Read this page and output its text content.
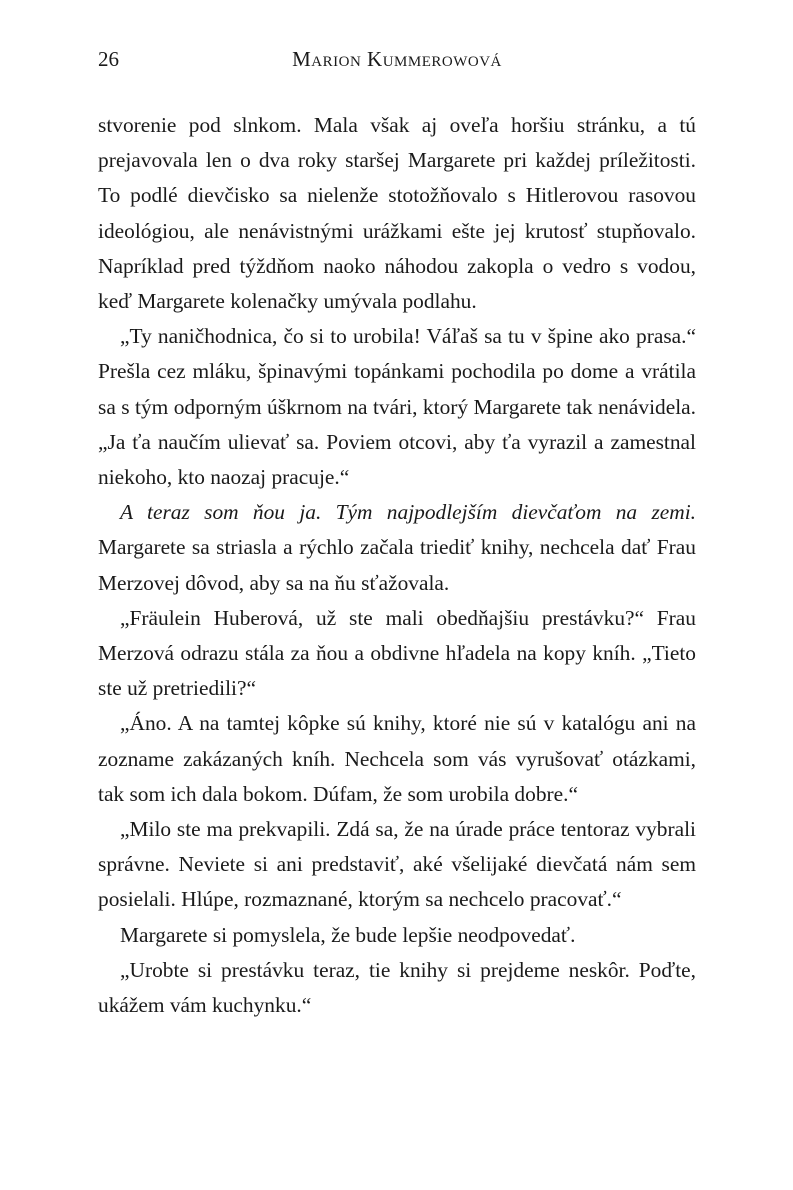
26	Marion Kummerowová

stvorenie pod slnkom. Mala však aj oveľa horšiu stránku, a tú prejavovala len o dva roky staršej Margarete pri každej príležitosti. To podlé dievčisko sa nielenže stotožňovalo s Hitlerovou rasovou ideológiou, ale nenávistnými urážkami ešte jej krutosť stupňovalo. Napríklad pred týždňom naoko náhodou zakopla o vedro s vodou, keď Margarete kolenačky umývala podlahu.

„Ty naničhodnica, čo si to urobila! Váľaš sa tu v špine ako prasa.“ Prešla cez mláku, špinavými topánkami pochodila po dome a vrátila sa s tým odporným úškrnom na tvári, ktorý Margarete tak nenávidela. „Ja ťa naučím ulievať sa. Poviem otcovi, aby ťa vyrazil a zamestnal niekoho, kto naozaj pracuje.“

A teraz som ňou ja. Tým najpodlejším dievčaťom na zemi. Margarete sa striasla a rýchlo začala triediť knihy, nechcela dať Frau Merzovej dôvod, aby sa na ňu sťažovala.

„Fräulein Huberová, už ste mali obedňajšiu prestávku?“ Frau Merzová odrazu stála za ňou a obdivne hľadela na kopy kníh. „Tieto ste už pretriedili?“

„Áno. A na tamtej kôpke sú knihy, ktoré nie sú v katalógu ani na zozname zakázaných kníh. Nechcela som vás vyrušovať otázkami, tak som ich dala bokom. Dúfam, že som urobila dobre.“

„Milo ste ma prekvapili. Zdá sa, že na úrade práce tentoraz vybrali správne. Neviete si ani predstaviť, aké všelijaké dievčatá nám sem posielali. Hlúpe, rozmaznané, ktorým sa nechcelo pracovať.“

Margarete si pomyslela, že bude lepšie neodpovedať.

„Urobte si prestávku teraz, tie knihy si prejdeme neskôr. Poďte, ukážem vám kuchynku.“
